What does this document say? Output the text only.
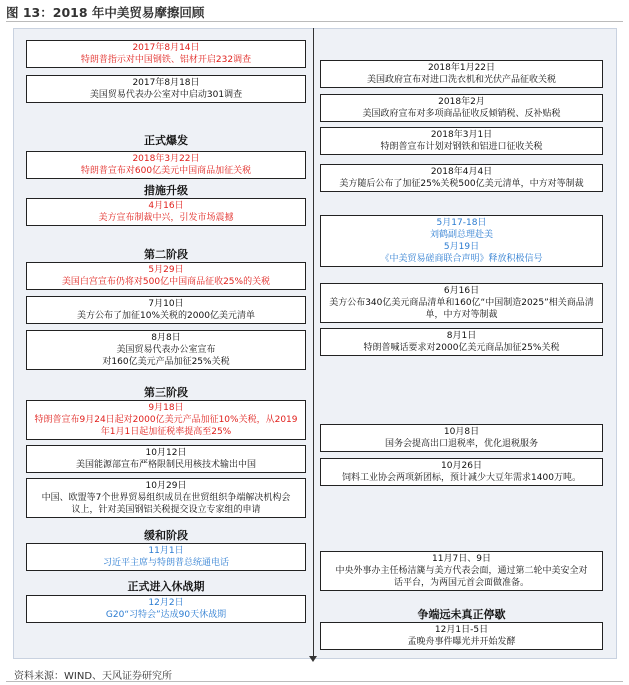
图 13：2018 年中美贸易摩擦回顾
2017年8月14日
特朗普指示对中国钢铁、铝材开启232调查
2017年8月18日
美国贸易代表办公室对中启动301调查
正式爆发
2018年3月22日
特朗普宣布对600亿美元中国商品加征关税
措施升级
4月16日
美方宣布制裁中兴，引发市场震撼
第二阶段
5月29日
美国白宫宣布仍将对500亿中国商品征收25%的关税
7月10日
美方公布了加征10%关税的2000亿美元清单
8月8日
美国贸易代表办公室宣布
对160亿美元产品加征25%关税
第三阶段
9月18日
特朗普宣布9月24日起对2000亿美元产品加征10%关税，从2019
年1月1日起加征税率提高至25%
10月12日
美国能源部宣布严格限制民用核技术输出中国
10月29日
中国、欧盟等7个世界贸易组织成员在世贸组织争端解决机构会
议上，针对美国钢铝关税提交设立专家组的申请
缓和阶段
11月1日
习近平主席与特朗普总统通电话
正式进入休战期
12月2日
G20“习特会”达成90天休战期
2018年1月22日
美国政府宣布对进口洗衣机和光伏产品征收关税
2018年2月
美国政府宣布对多项商品征收反倾销税、反补贴税
2018年3月1日
特朗普宣布计划对钢铁和铝进口征收关税
2018年4月4日
美方随后公布了加征25%关税500亿美元清单，中方对等制裁
5月17-18日
刘鹤副总理赴美
5月19日
《中美贸易磋商联合声明》释放积极信号
6月16日
美方公布340亿美元商品清单和160亿“中国制造2025”相关商品清
单，中方对等制裁
8月1日
特朗普喊话要求对2000亿美元商品加征25%关税
10月8日
国务会提高出口退税率，优化退税服务
10月26日
饲料工业协会两项新团标，预计减少大豆年需求1400万吨。
11月7日、9日
中央外事办主任杨洁篪与美方代表会面，通过第二轮中美安全对
话平台，为两国元首会面做准备。
争端远未真正停歇
12月1日-5日
孟晚舟事件曝光并开始发酵
资料来源：WIND、天风证券研究所
